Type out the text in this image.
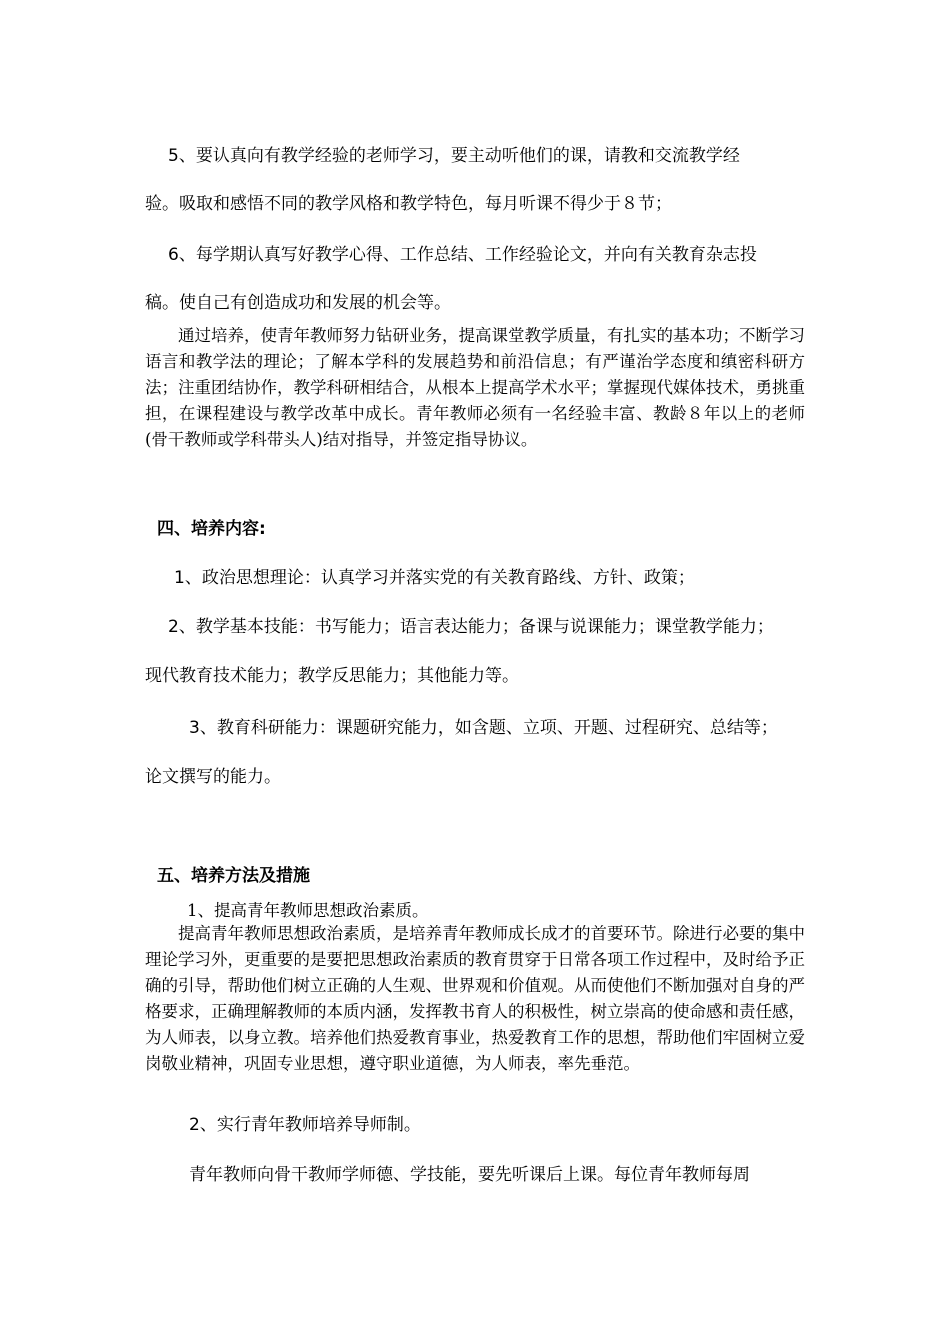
5、要认真向有教学经验的老师学习，要主动听他们的课，请教和交流教学经
验。吸取和感悟不同的教学风格和教学特色，每月听课不得少于８节；
6、每学期认真写好教学心得、工作总结、工作经验论文，并向有关教育杂志投
稿。使自己有创造成功和发展的机会等。
通过培养，使青年教师努力钻研业务，提高课堂教学质量，有扎实的基本功；不断学习语言和教学法的理论；了解本学科的发展趋势和前沿信息；有严谨治学态度和缜密科研方法；注重团结协作，教学科研相结合，从根本上提高学术水平；掌握现代媒体技术，勇挑重担，在课程建设与教学改革中成长。青年教师必须有一名经验丰富、教龄８年以上的老师(骨干教师或学科带头人)结对指导，并签定指导协议。
四、培养内容:
1、政治思想理论：认真学习并落实党的有关教育路线、方针、政策；
2、教学基本技能：书写能力；语言表达能力；备课与说课能力；课堂教学能力；
现代教育技术能力；教学反思能力；其他能力等。
3、教育科研能力：课题研究能力，如含题、立项、开题、过程研究、总结等；
论文撰写的能力。
五、培养方法及措施
1、提高青年教师思想政治素质。
提高青年教师思想政治素质，是培养青年教师成长成才的首要环节。除进行必要的集中理论学习外，更重要的是要把思想政治素质的教育贯穿于日常各项工作过程中，及时给予正确的引导，帮助他们树立正确的人生观、世界观和价值观。从而使他们不断加强对自身的严格要求，正确理解教师的本质内涵，发挥教书育人的积极性，树立崇高的使命感和责任感，为人师表，以身立教。培养他们热爱教育事业，热爱教育工作的思想，帮助他们牢固树立爱岗敬业精神，巩固专业思想，遵守职业道德，为人师表，率先垂范。
2、实行青年教师培养导师制。
青年教师向骨干教师学师德、学技能，要先听课后上课。每位青年教师每周
